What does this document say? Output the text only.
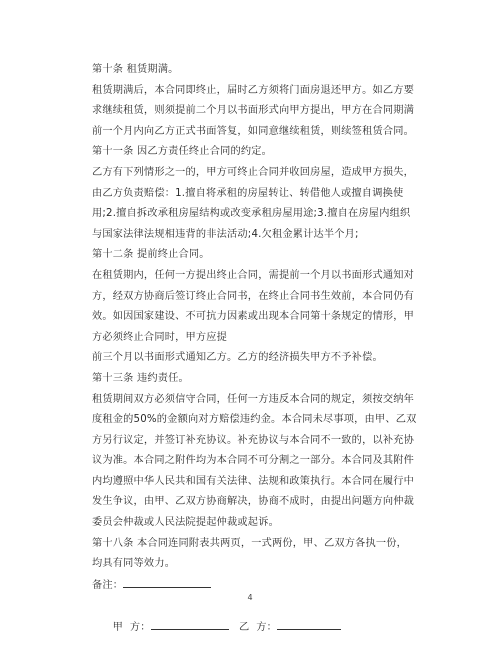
第十条 租赁期满。
租赁期满后，本合同即终止，届时乙方须将门面房退还甲方。如乙方要求继续租赁，则须提前二个月以书面形式向甲方提出，甲方在合同期满前一个月内向乙方正式书面答复，如同意继续租赁，则续签租赁合同。 第十一条 因乙方责任终止合同的约定。
乙方有下列情形之一的，甲方可终止合同并收回房屋，造成甲方损失，由乙方负责赔偿：1.擅自将承租的房屋转让、转借他人或擅自调换使用;2.擅自拆改承租房屋结构或改变承租房屋用途;3.擅自在房屋内组织与国家法律法规相违背的非法活动;4.欠租金累计达半个月;
第十二条 提前终止合同。
在租赁期内，任何一方提出终止合同，需提前一个月以书面形式通知对方，经双方协商后签订终止合同书，在终止合同书生效前，本合同仍有效。如因国家建设、不可抗力因素或出现本合同第十条规定的情形，甲方必须终止合同时，甲方应提
前三个月以书面形式通知乙方。乙方的经济损失甲方不予补偿。
第十三条 违约责任。
租赁期间双方必须信守合同，任何一方违反本合同的规定，须按交纳年度租金的50%的金额向对方赔偿违约金。本合同未尽事项，由甲、乙双方另行议定，并签订补充协议。补充协议与本合同不一致的，以补充协议为准。本合同之附件均为本合同不可分割之一部分。本合同及其附件内均遵照中华人民共和国有关法律、法规和政策执行。本合同在履行中发生争议，由甲、乙双方协商解决，协商不成时，由提出问题方向仲裁委员会仲裁或人民法院提起仲裁或起诉。
第十八条 本合同连同附表共两页，一式两份，甲、乙双方各执一份，均具有同等效力。
备注：

甲  方：	乙  方：

4
